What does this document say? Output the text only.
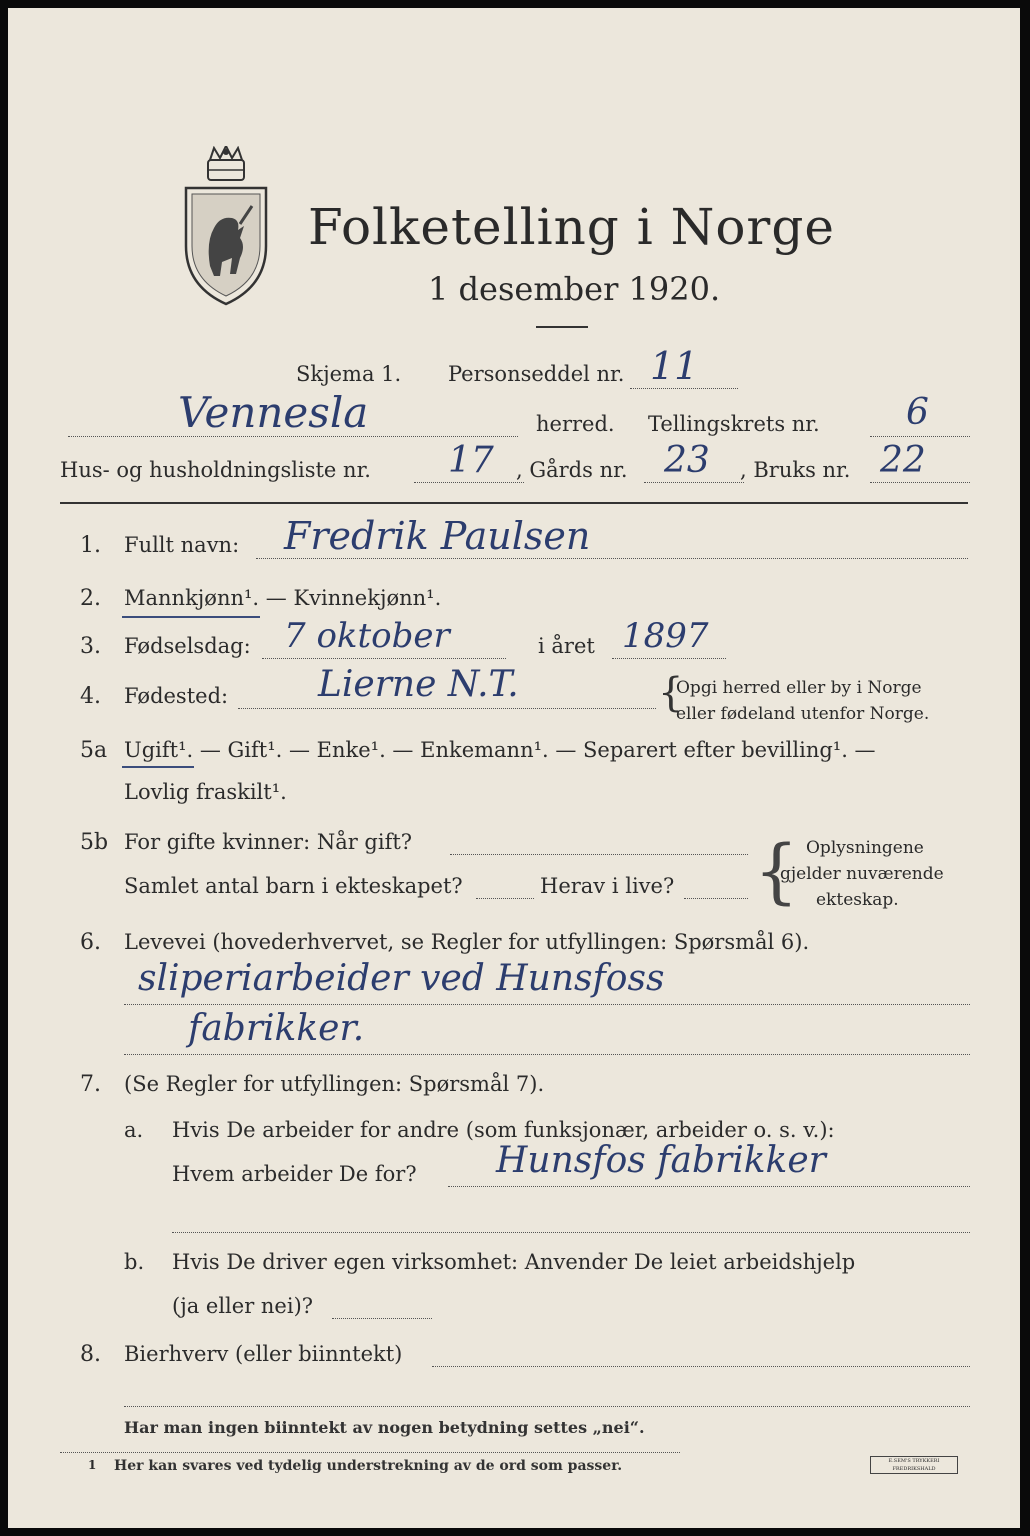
Folketelling i Norge
1 desember 1920.
Skjema 1. Personseddel nr. 11
Vennesla	herred. Tellingskrets nr. 6
Hus- og husholdningsliste nr. 17 , Gårds nr. 23 , Bruks nr. 22
1. Fullt navn: Fredrik Paulsen
2. Mannkjønn¹. — Kvinnekjønn¹.
3. Fødselsdag: 7 oktober	i året 1897
4. Fødested: Lierne N.T.	{
Opgi herred eller by i Norge
eller fødeland utenfor Norge.
5a Ugift¹. — Gift¹. — Enke¹. — Enkemann¹. — Separert efter bevilling¹. —
Lovlig fraskilt¹.
5b For gifte kvinner: Når gift?
Samlet antal barn i ekteskapet?	Herav i live? { Oplysningene
gjelder nuværende
ekteskap.
6. Levevei (hovederhvervet, se Regler for utfyllingen: Spørsmål 6).
sliperiarbeider ved Hunsfoss
fabrikker.
7. (Se Regler for utfyllingen: Spørsmål 7).
a. Hvis De arbeider for andre (som funksjonær, arbeider o. s. v.):
Hvem arbeider De for? Hunsfos fabrikker
b. Hvis De driver egen virksomhet: Anvender De leiet arbeidshjelp
(ja eller nei)?
8. Bierhverv (eller biinntekt)
Har man ingen biinntekt av nogen betydning settes „nei“.
1 Her kan svares ved tydelig understrekning av de ord som passer.	E.SEM'S TRYKKERI FREDRIKSHALD
